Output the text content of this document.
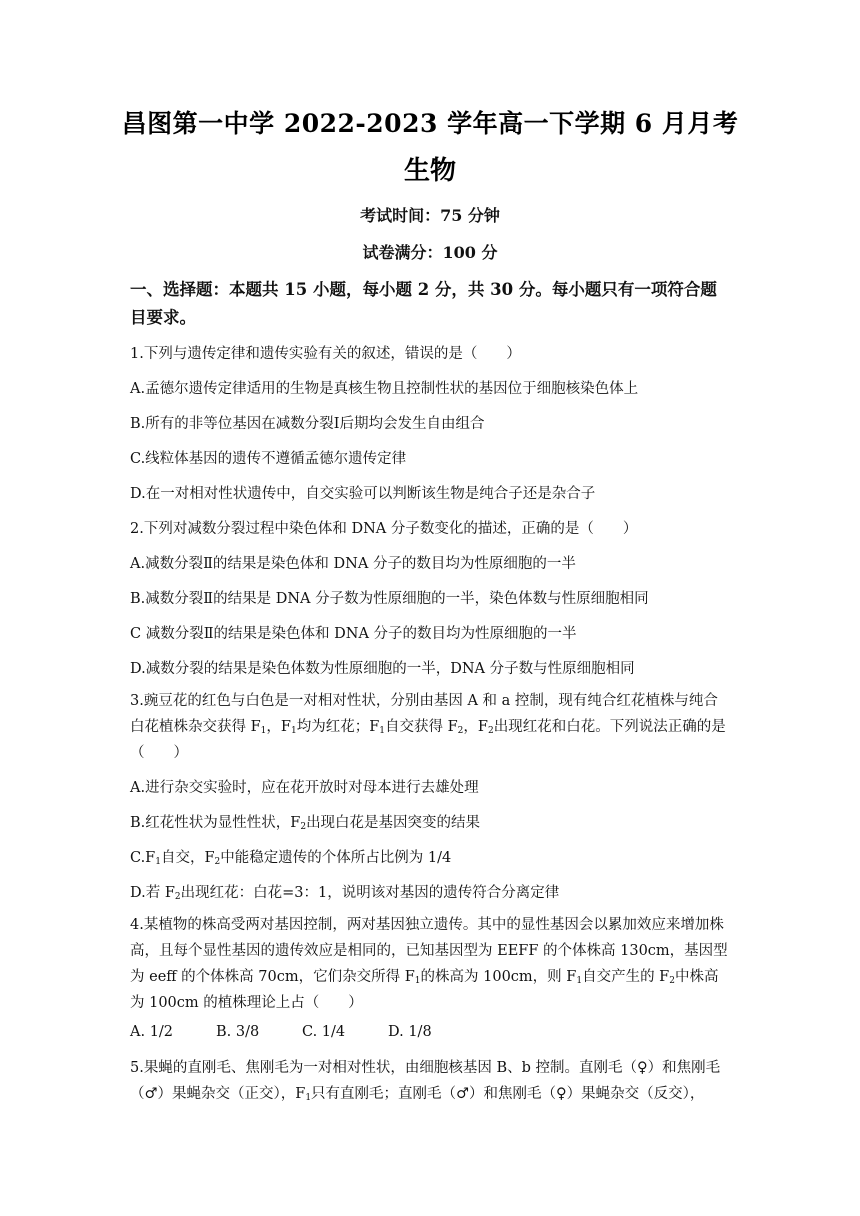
昌图第一中学 2022-2023 学年高一下学期 6 月月考
生物
考试时间：75 分钟
试卷满分：100 分
一、选择题：本题共 15 小题，每小题 2 分，共 30 分。每小题只有一项符合题目要求。
1.下列与遗传定律和遗传实验有关的叙述，错误的是（　　）
A.孟德尔遗传定律适用的生物是真核生物且控制性状的基因位于细胞核染色体上
B.所有的非等位基因在减数分裂Ⅰ后期均会发生自由组合
C.线粒体基因的遗传不遵循孟德尔遗传定律
D.在一对相对性状遗传中，自交实验可以判断该生物是纯合子还是杂合子
2.下列对减数分裂过程中染色体和 DNA 分子数变化的描述，正确的是（　　）
A.减数分裂Ⅱ的结果是染色体和 DNA 分子的数目均为性原细胞的一半
B.减数分裂Ⅱ的结果是 DNA 分子数为性原细胞的一半，染色体数与性原细胞相同
C 减数分裂Ⅱ的结果是染色体和 DNA 分子的数目均为性原细胞的一半
D.减数分裂的结果是染色体数为性原细胞的一半，DNA 分子数与性原细胞相同
3.豌豆花的红色与白色是一对相对性状，分别由基因 A 和 a 控制，现有纯合红花植株与纯合白花植株杂交获得 $F_1$，$F_1$均为红花；$F_1$自交获得 $F_2$，$F_2$出现红花和白花。下列说法正确的是（　　）
A.进行杂交实验时，应在花开放时对母本进行去雄处理
B.红花性状为显性性状，$F_2$出现白花是基因突变的结果
$C.F_1$自交，$F_2$中能稳定遗传的个体所占比例为 1/4
D.若 $F_2$出现红花：白花=3：1，说明该对基因的遗传符合分离定律
4.某植物的株高受两对基因控制，两对基因独立遗传。其中的显性基因会以累加效应来增加株高，且每个显性基因的遗传效应是相同的，已知基因型为 EEFF 的个体株高 130cm，基因型为 eeff 的个体株高 70cm，它们杂交所得 $F_1$的株高为 100cm，则 $F_1$自交产生的 $F_2$中株高为 100cm 的植株理论上占（　　）
A. 1/2	B. 3/8	C. 1/4	D. 1/8
5.果蝇的直刚毛、焦刚毛为一对相对性状，由细胞核基因 B、b 控制。直刚毛（♀）和焦刚毛（♂）果蝇杂交（正交），$F_1$只有直刚毛；直刚毛（♂）和焦刚毛（♀）果蝇杂交（反交），
